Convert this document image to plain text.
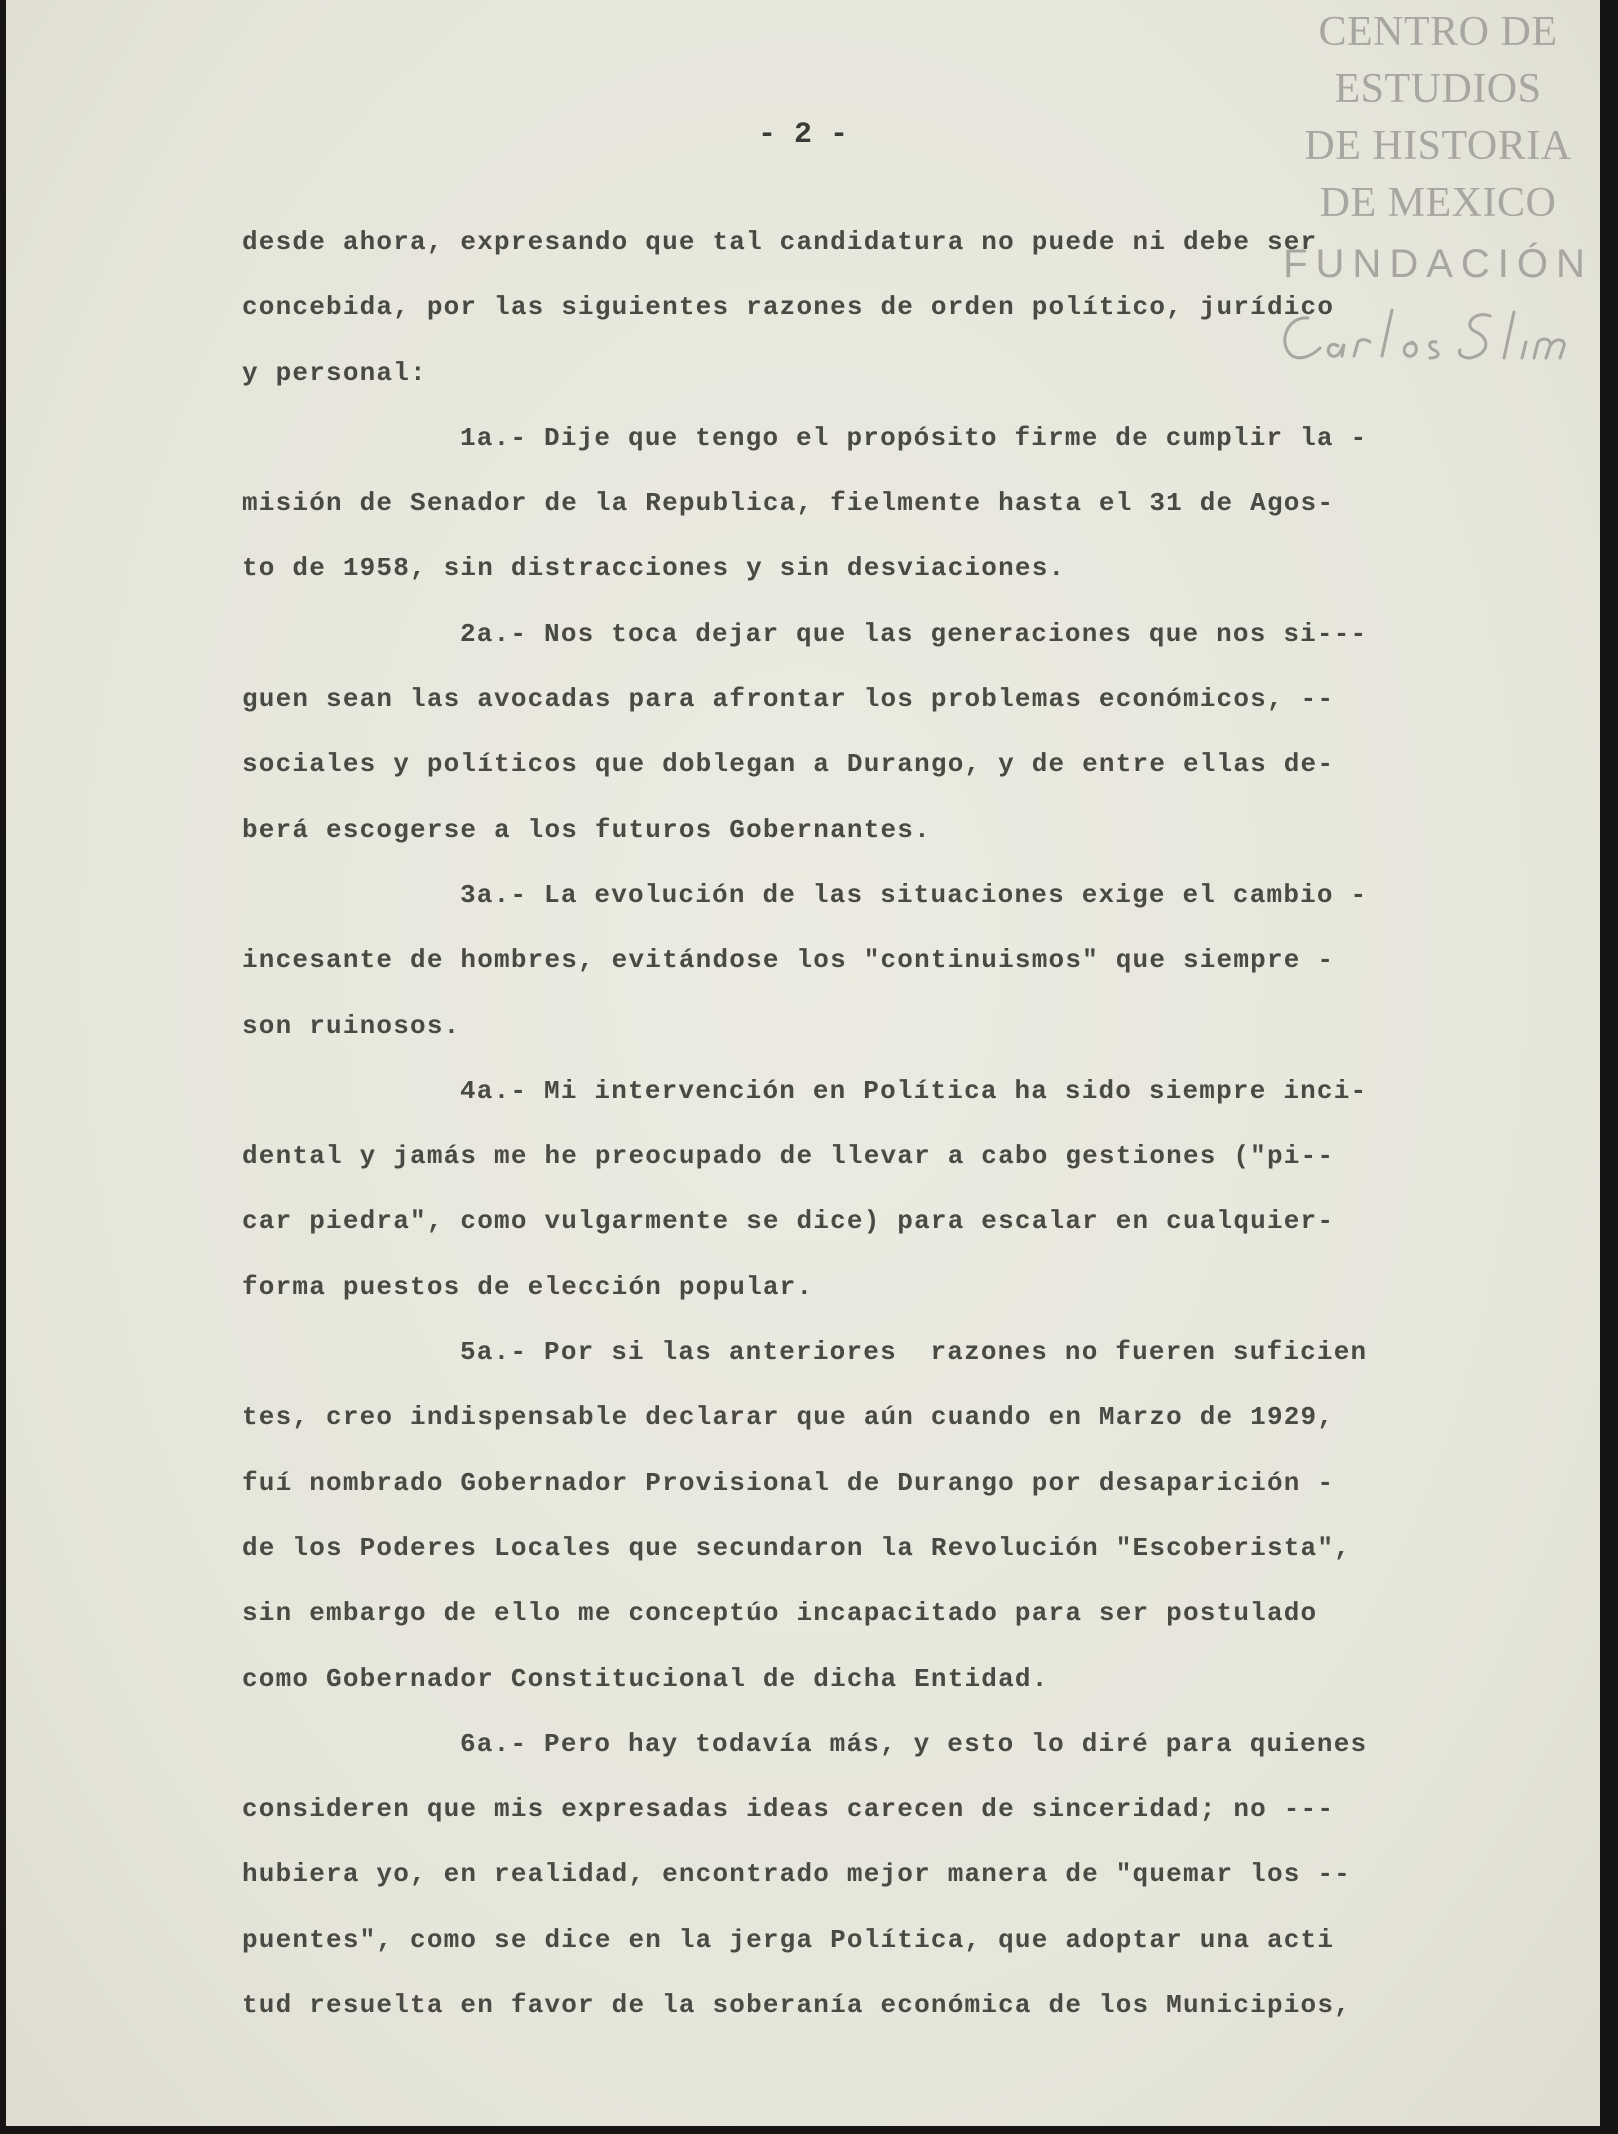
CENTRO DE
ESTUDIOS
DE HISTORIA
DE MEXICO
FUNDACIÓN
- 2 -
desde ahora, expresando que tal candidatura no puede ni debe ser
concebida, por las siguientes razones de orden político, jurídico
y personal:
1a.- Dije que tengo el propósito firme de cumplir la -
misión de Senador de la Republica, fielmente hasta el 31 de Agos-
to de 1958, sin distracciones y sin desviaciones.
2a.- Nos toca dejar que las generaciones que nos si---
guen sean las avocadas para afrontar los problemas económicos, --
sociales y políticos que doblegan a Durango, y de entre ellas de-
berá escogerse a los futuros Gobernantes.
3a.- La evolución de las situaciones exige el cambio -
incesante de hombres, evitándose los "continuismos" que siempre -
son ruinosos.
4a.- Mi intervención en Política ha sido siempre inci-
dental y jamás me he preocupado de llevar a cabo gestiones ("pi--
car piedra", como vulgarmente se dice) para escalar en cualquier-
forma puestos de elección popular.
5a.- Por si las anteriores  razones no fueren suficien
tes, creo indispensable declarar que aún cuando en Marzo de 1929,
fuí nombrado Gobernador Provisional de Durango por desaparición -
de los Poderes Locales que secundaron la Revolución "Escoberista",
sin embargo de ello me conceptúo incapacitado para ser postulado
como Gobernador Constitucional de dicha Entidad.
6a.- Pero hay todavía más, y esto lo diré para quienes
consideren que mis expresadas ideas carecen de sinceridad; no ---
hubiera yo, en realidad, encontrado mejor manera de "quemar los --
puentes", como se dice en la jerga Política, que adoptar una acti
tud resuelta en favor de la soberanía económica de los Municipios,
